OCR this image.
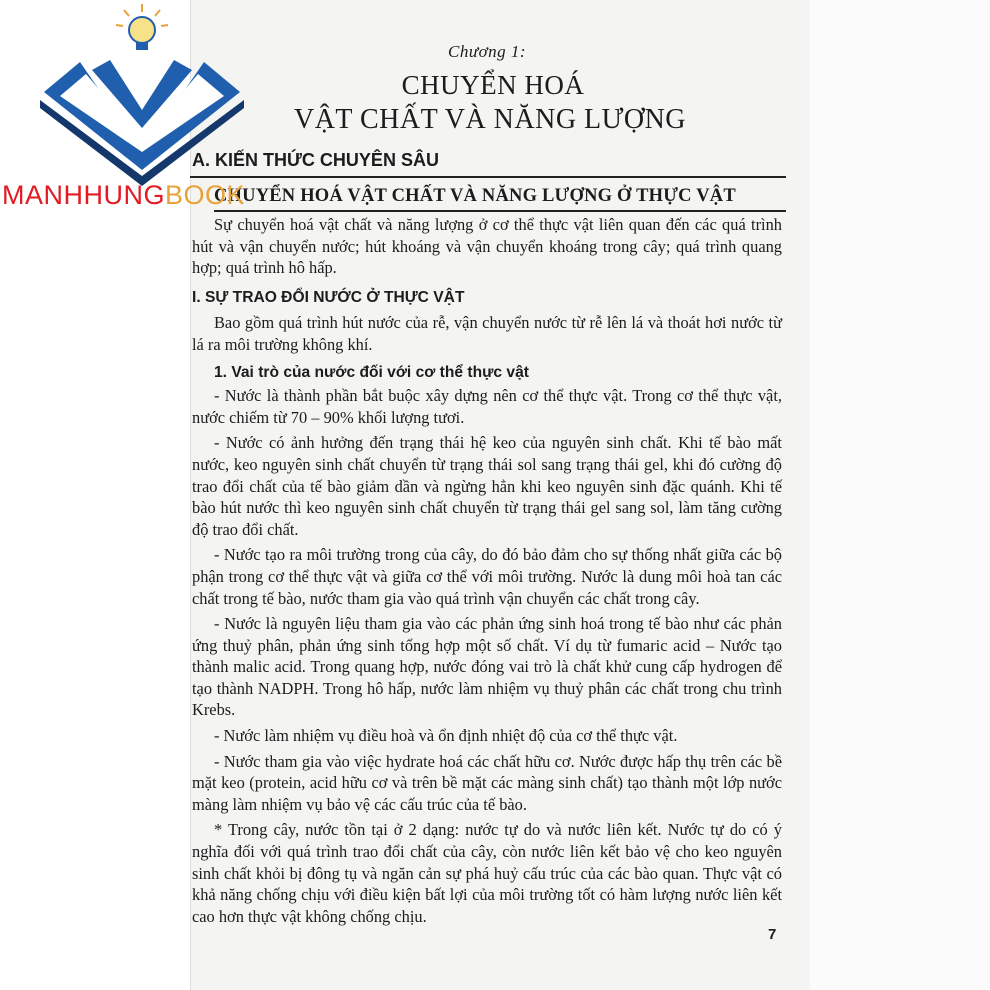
Chương 1:
CHUYỂN HOÁ
VẬT CHẤT VÀ NĂNG LƯỢNG
A. KIẾN THỨC CHUYÊN SÂU
CHUYỂN HOÁ VẬT CHẤT VÀ NĂNG LƯỢNG Ở THỰC VẬT

Sự chuyển hoá vật chất và năng lượng ở cơ thể thực vật liên quan đến các quá trình hút và vận chuyển nước; hút khoáng và vận chuyển khoáng trong cây; quá trình quang hợp; quá trình hô hấp.

I. SỰ TRAO ĐỔI NƯỚC Ở THỰC VẬT

Bao gồm quá trình hút nước của rễ, vận chuyển nước từ rễ lên lá và thoát hơi nước từ lá ra môi trường không khí.

1. Vai trò của nước đối với cơ thể thực vật

- Nước là thành phần bắt buộc xây dựng nên cơ thể thực vật. Trong cơ thể thực vật, nước chiếm từ 70 – 90% khối lượng tươi.

- Nước có ảnh hưởng đến trạng thái hệ keo của nguyên sinh chất. Khi tế bào mất nước, keo nguyên sinh chất chuyển từ trạng thái sol sang trạng thái gel, khi đó cường độ trao đổi chất của tế bào giảm dần và ngừng hẳn khi keo nguyên sinh đặc quánh. Khi tế bào hút nước thì keo nguyên sinh chất chuyển từ trạng thái gel sang sol, làm tăng cường độ trao đổi chất.

- Nước tạo ra môi trường trong của cây, do đó bảo đảm cho sự thống nhất giữa các bộ phận trong cơ thể thực vật và giữa cơ thể với môi trường. Nước là dung môi hoà tan các chất trong tế bào, nước tham gia vào quá trình vận chuyển các chất trong cây.

- Nước là nguyên liệu tham gia vào các phản ứng sinh hoá trong tế bào như các phản ứng thuỷ phân, phản ứng sinh tổng hợp một số chất. Ví dụ từ fumaric acid – Nước tạo thành malic acid. Trong quang hợp, nước đóng vai trò là chất khử cung cấp hydrogen để tạo thành NADPH. Trong hô hấp, nước làm nhiệm vụ thuỷ phân các chất trong chu trình Krebs.

- Nước làm nhiệm vụ điều hoà và ổn định nhiệt độ của cơ thể thực vật.

- Nước tham gia vào việc hydrate hoá các chất hữu cơ. Nước được hấp thụ trên các bề mặt keo (protein, acid hữu cơ và trên bề mặt các màng sinh chất) tạo thành một lớp nước màng làm nhiệm vụ bảo vệ các cấu trúc của tế bào.

* Trong cây, nước tồn tại ở 2 dạng: nước tự do và nước liên kết. Nước tự do có ý nghĩa đối với quá trình trao đổi chất của cây, còn nước liên kết bảo vệ cho keo nguyên sinh chất khỏi bị đông tụ và ngăn cản sự phá huỷ cấu trúc của các bào quan. Thực vật có khả năng chống chịu với điều kiện bất lợi của môi trường tốt có hàm lượng nước liên kết cao hơn thực vật không chống chịu.

7
MANHHUNGBOOK
